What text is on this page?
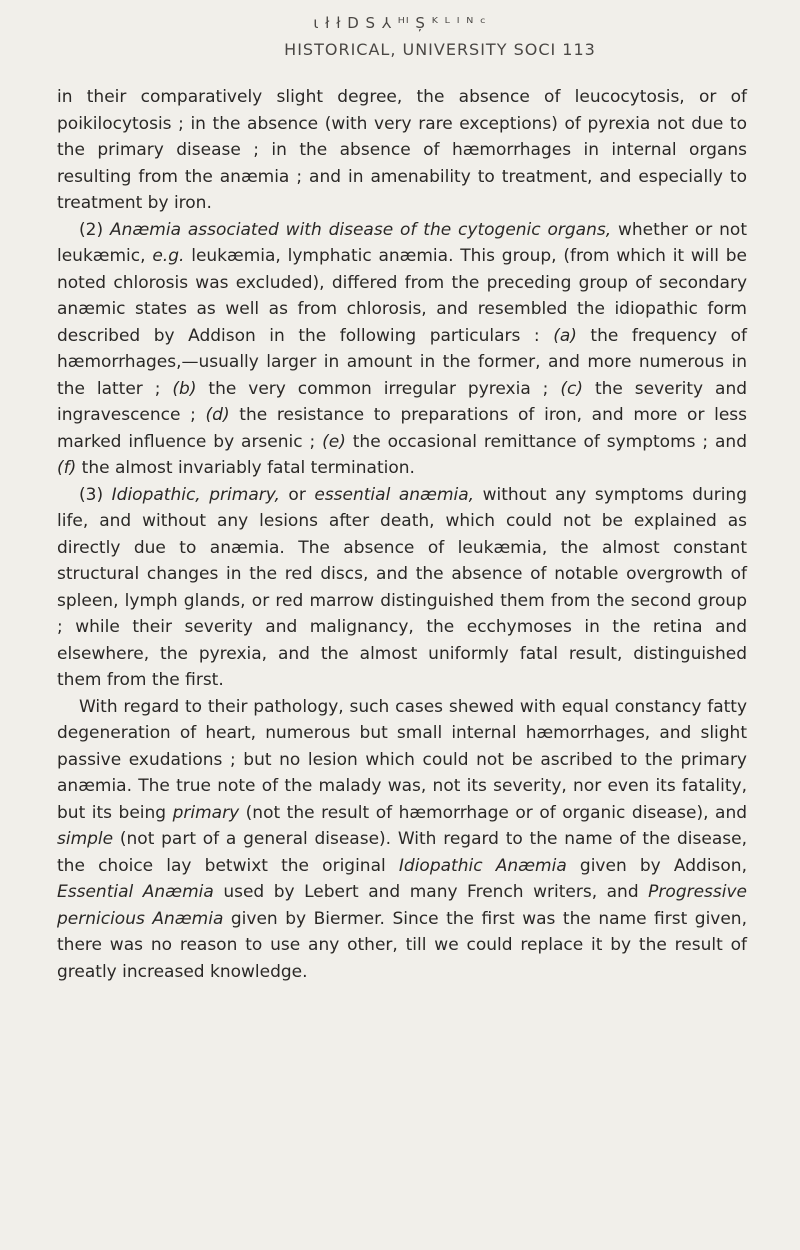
ι ł ł D S ⅄ ᴴᴵ Ș ᴷ ᴸ ᴵ ᴺ ᶜ
HISTORICAL, UNIVERSITY SOCI 113

in their comparatively slight degree, the absence of leucocytosis, or of poikilocytosis ; in the absence (with very rare exceptions) of pyrexia not due to the primary disease ; in the absence of hæmorrhages in internal organs resulting from the anæmia ; and in amenability to treatment, and especially to treatment by iron.

(2) Anæmia associated with disease of the cytogenic organs, whether or not leukæmic, e.g. leukæmia, lymphatic anæmia. This group, (from which it will be noted chlorosis was excluded), differed from the preceding group of secondary anæmic states as well as from chlorosis, and resembled the idiopathic form described by Addison in the following particulars : (a) the frequency of hæmorrhages,—usually larger in amount in the former, and more numerous in the latter ; (b) the very common irregular pyrexia ; (c) the severity and ingravescence ; (d) the resistance to preparations of iron, and more or less marked influence by arsenic ; (e) the occasional remittance of symptoms ; and (f) the almost invariably fatal termination.

(3) Idiopathic, primary, or essential anæmia, without any symptoms during life, and without any lesions after death, which could not be explained as directly due to anæmia. The absence of leukæmia, the almost constant structural changes in the red discs, and the absence of notable overgrowth of spleen, lymph glands, or red marrow distinguished them from the second group ; while their severity and malignancy, the ecchymoses in the retina and elsewhere, the pyrexia, and the almost uniformly fatal result, distinguished them from the first.

With regard to their pathology, such cases shewed with equal constancy fatty degeneration of heart, numerous but small internal hæmorrhages, and slight passive exudations ; but no lesion which could not be ascribed to the primary anæmia. The true note of the malady was, not its severity, nor even its fatality, but its being primary (not the result of hæmorrhage or of organic disease), and simple (not part of a general disease). With regard to the name of the disease, the choice lay betwixt the original Idiopathic Anæmia given by Addison, Essential Anæmia used by Lebert and many French writers, and Progressive pernicious Anæmia given by Biermer. Since the first was the name first given, there was no reason to use any other, till we could replace it by the result of greatly increased knowledge.
